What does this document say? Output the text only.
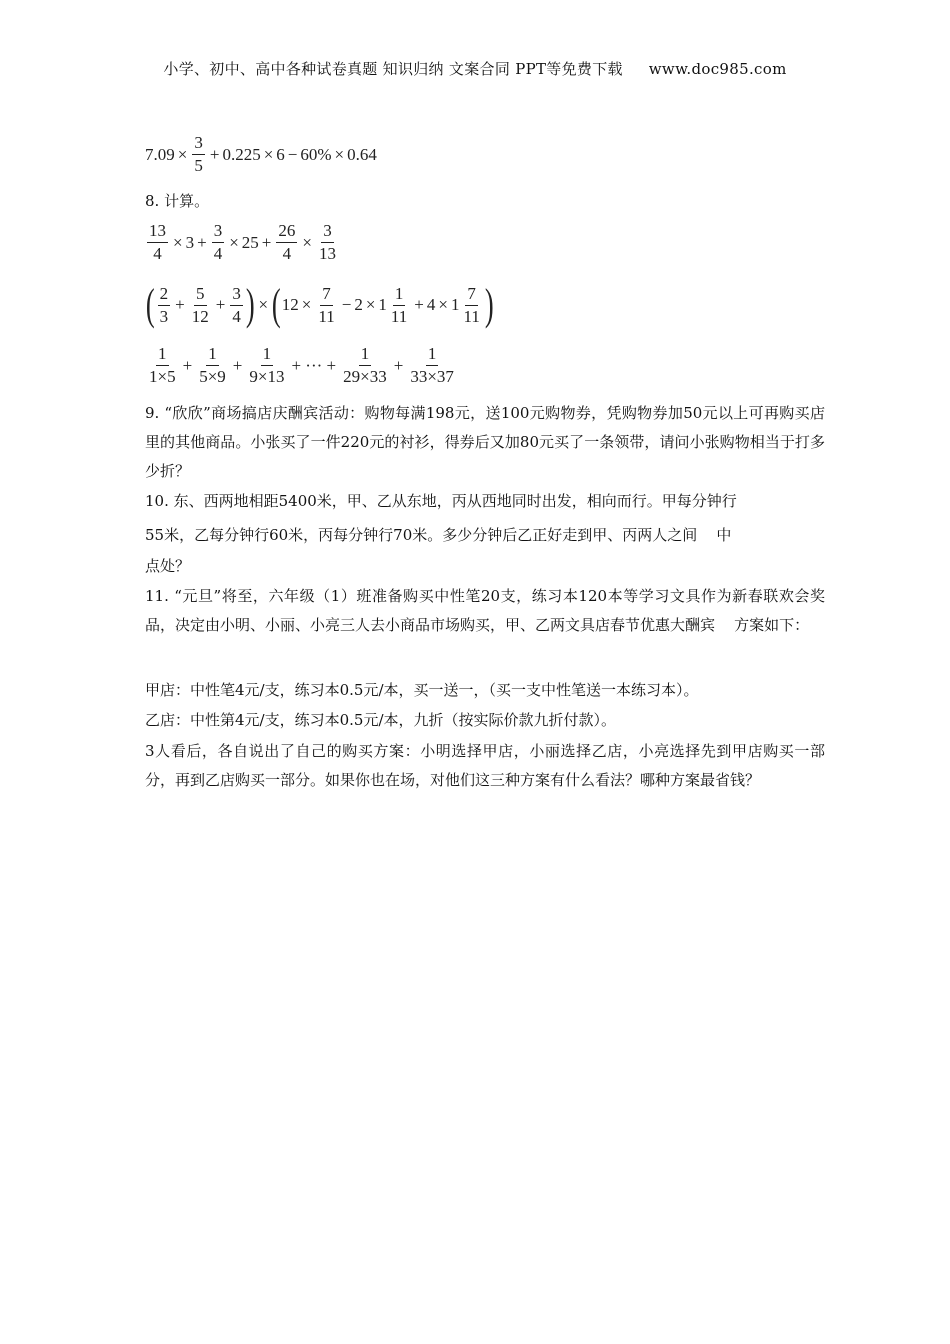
小学、初中、高中各种试卷真题 知识归纳 文案合同 PPT等免费下载 www.doc985.com
$7.09 \times \frac{3}{5} + 0.225 \times 6 - 60\% \times 0.64$
8. 计算。
$\frac{13}{4} \times 3 + \frac{3}{4} \times 25 + \frac{26}{4} \times \frac{3}{13}$
( $\frac{2}{3} + \frac{5}{12} + \frac{3}{4}$ ) × ( $12 \times \frac{7}{11} - 2 \times 1 \frac{1}{11} + 4 \times 1 \frac{7}{11}$ )
$\frac{1}{1\times 5} + \frac{1}{5\times 9} + \frac{1}{9\times 13}$ + ··· + $\frac{1}{29\times 33} + \frac{1}{33\times 37}$
9. “欣欣”商场搞店庆酬宾活动：购物每满198元，送100元购物券，凭购物券加50元以上可再购买店里的其他商品。小张买了一件220元的衬衫，得券后又加80元买了一条领带，请问小张购物相当于打多少折？
10. 东、西两地相距5400米，甲、乙从东地，丙从西地同时出发，相向而行。甲每分钟行
55米，乙每分钟行60米，丙每分钟行70米。多少分钟后乙正好走到甲、丙两人之间    中
点处？
11. “元旦”将至，六年级（1）班准备购买中性笔20支，练习本120本等学习文具作为新春联欢会奖品，决定由小明、小丽、小亮三人去小商品市场购买，甲、乙两文具店春节优惠大酬宾    方案如下：
甲店：中性笔4元/支，练习本0.5元/本，买一送一，（买一支中性笔送一本练习本）。
乙店：中性第4元/支，练习本0.5元/本，九折（按实际价款九折付款）。
3人看后，各自说出了自己的购买方案：小明选择甲店，小丽选择乙店，小亮选择先到甲店购买一部分，再到乙店购买一部分。如果你也在场，对他们这三种方案有什么看法？哪种方案最省钱？
